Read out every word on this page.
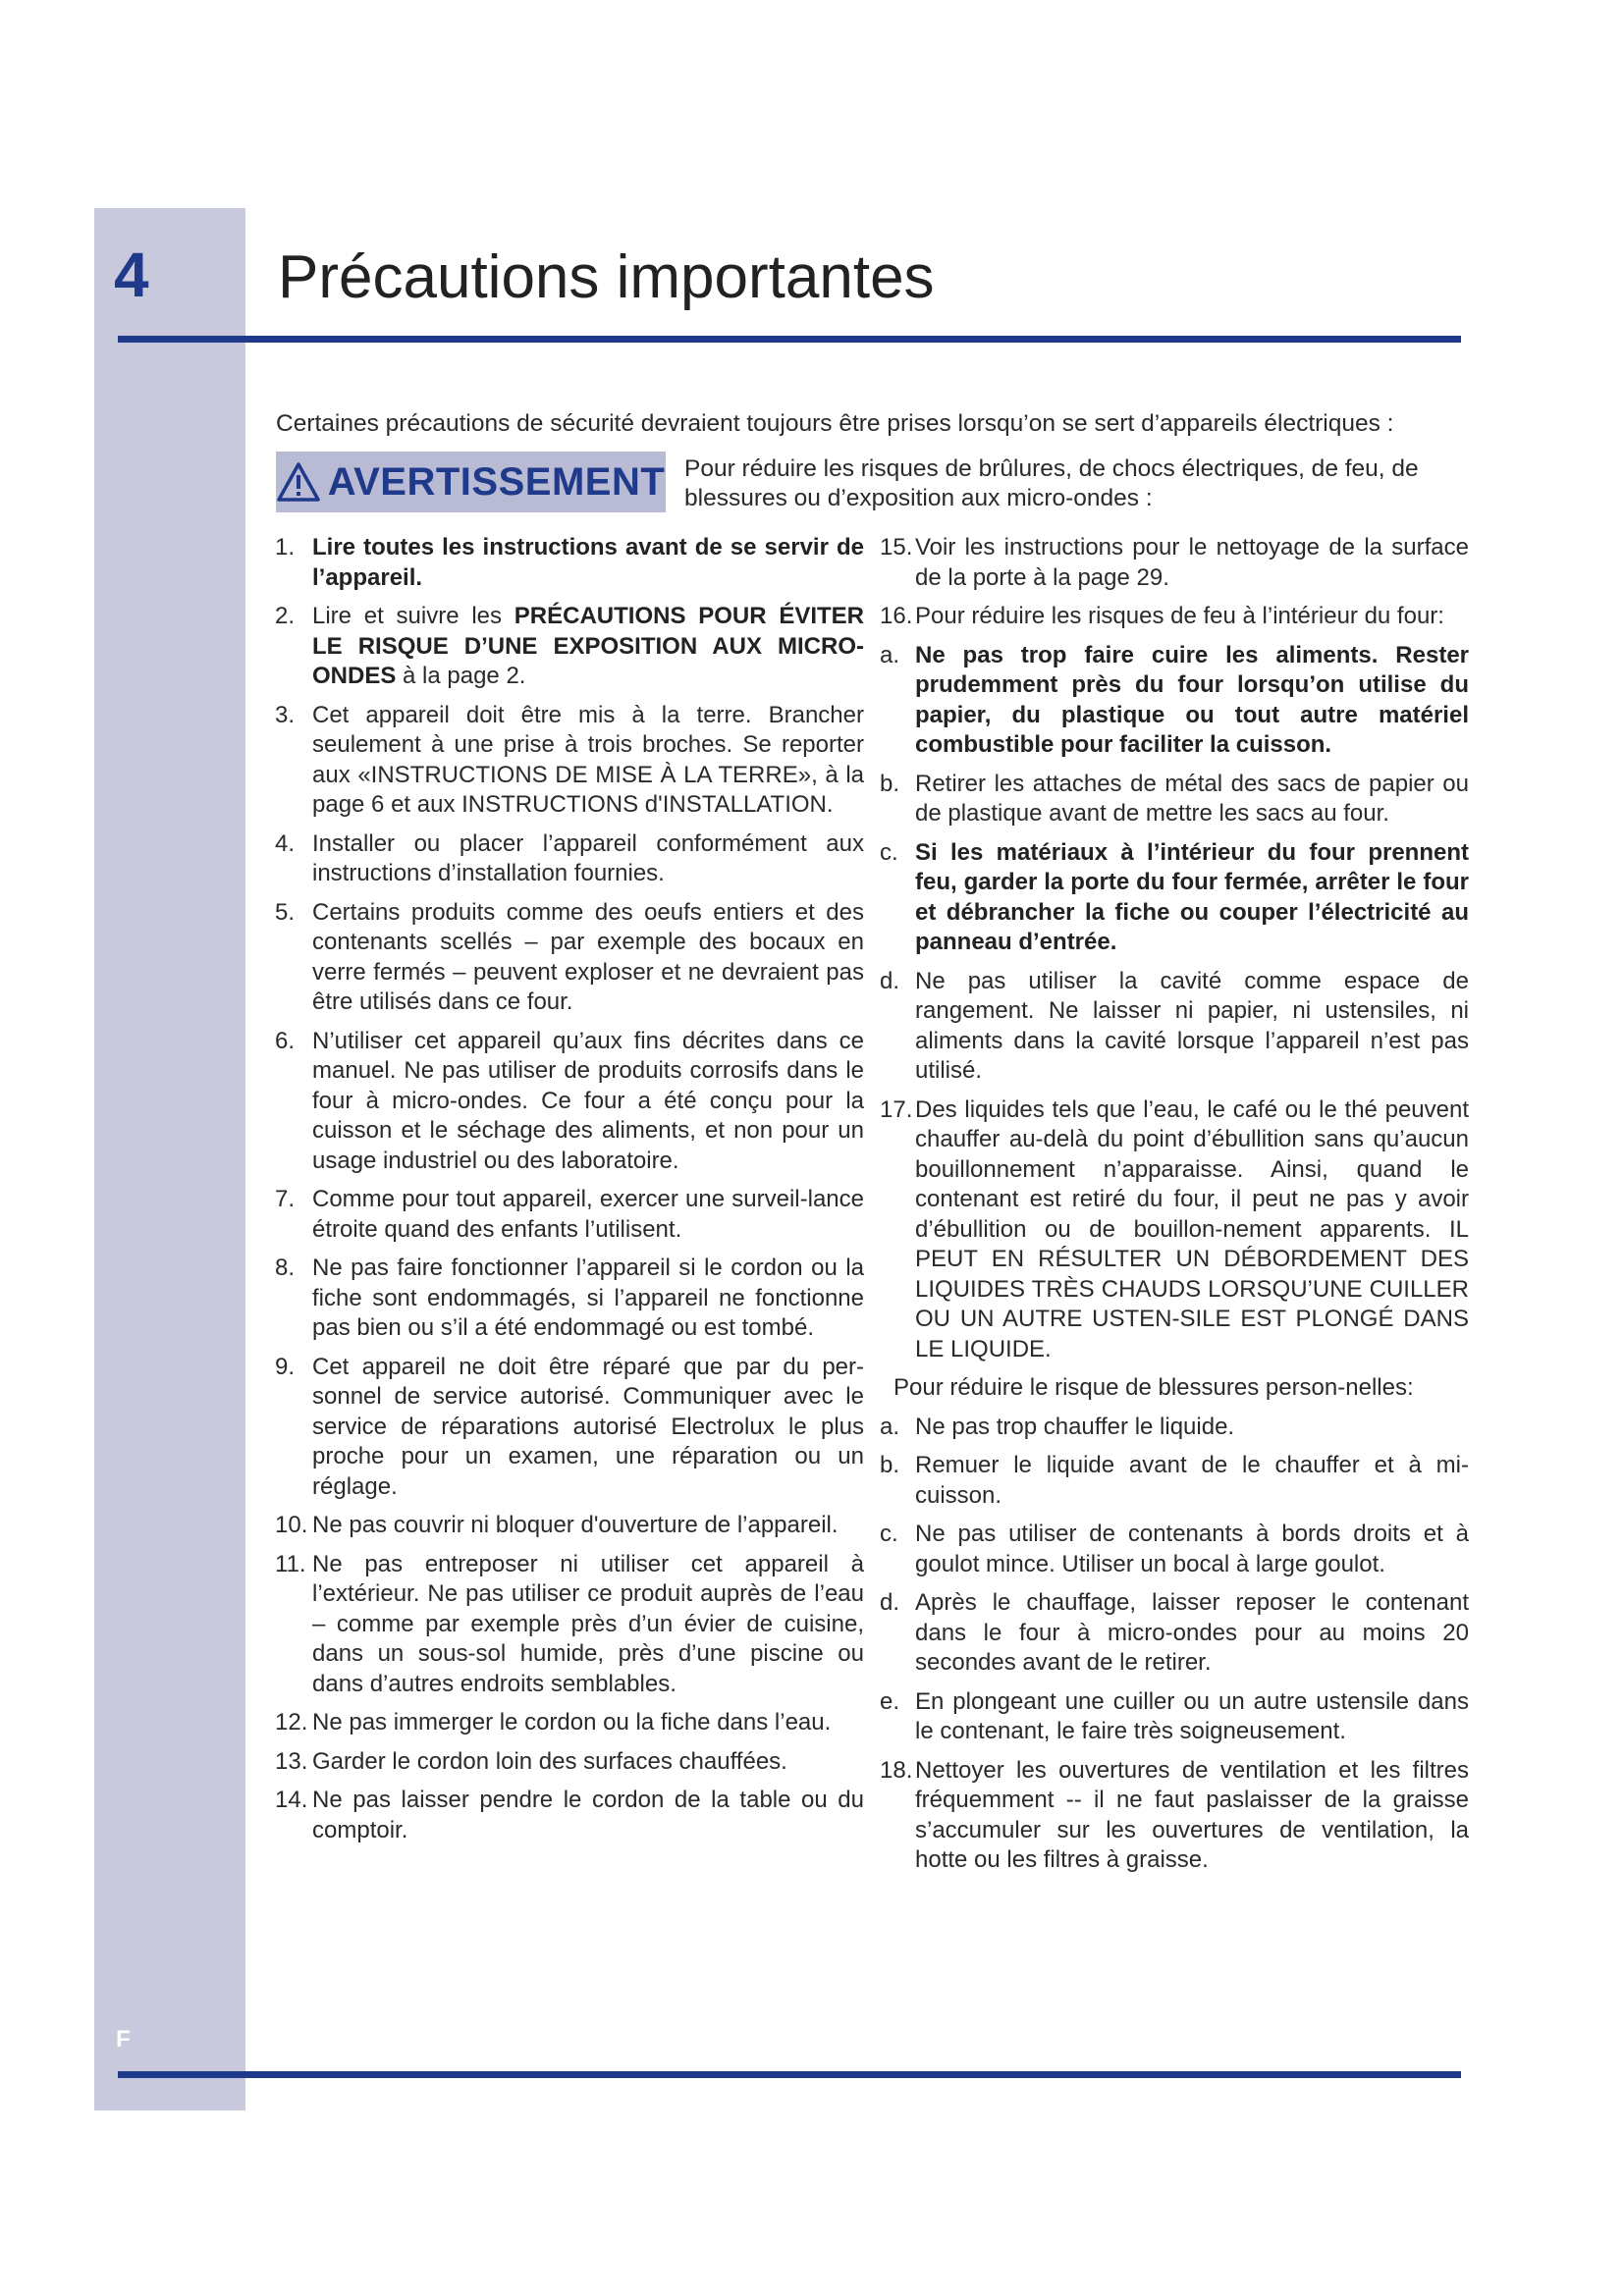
4
F
Précautions importantes
Certaines précautions de sécurité devraient toujours être prises lorsqu’on se sert d’appareils électriques :
AVERTISSEMENT Pour réduire les risques de brûlures, de chocs électriques, de feu, de blessures ou d’exposition aux micro-ondes :
1. Lire toutes les instructions avant de se servir de l’appareil.
2. Lire et suivre les PRÉCAUTIONS POUR ÉVITER LE RISQUE D’UNE EXPOSITION AUX MICRO-ONDES à la page 2.
3. Cet appareil doit être mis à la terre. Brancher seulement à une prise à trois broches. Se reporter aux «INSTRUCTIONS DE MISE À LA TERRE», à la page 6 et aux INSTRUCTIONS d'INSTALLATION.
4. Installer ou placer l’appareil conformément aux instructions d’installation fournies.
5. Certains produits comme des oeufs entiers et des contenants scellés – par exemple des bocaux en verre fermés – peuvent exploser et ne devraient pas être utilisés dans ce four.
6. N’utiliser cet appareil qu’aux fins décrites dans ce manuel. Ne pas utiliser de produits corrosifs dans le four à micro-ondes. Ce four a été conçu pour la cuisson et le séchage des aliments, et non pour un usage industriel ou des laboratoire.
7. Comme pour tout appareil, exercer une surveil-lance étroite quand des enfants l’utilisent.
8. Ne pas faire fonctionner l’appareil si le cordon ou la fiche sont endommagés, si l’appareil ne fonctionne pas bien ou s’il a été endommagé ou est tombé.
9. Cet appareil ne doit être réparé que par du per-sonnel de service autorisé. Communiquer avec le service de réparations autorisé Electrolux le plus proche pour un examen, une réparation ou un réglage.
10. Ne pas couvrir ni bloquer d'ouverture de l’appareil.
11. Ne pas entreposer ni utiliser cet appareil à l’extérieur. Ne pas utiliser ce produit auprès de l’eau – comme par exemple près d’un évier de cuisine, dans un sous-sol humide, près d’une piscine ou dans d’autres endroits semblables.
12. Ne pas immerger le cordon ou la fiche dans l’eau.
13. Garder le cordon loin des surfaces chauffées.
14. Ne pas laisser pendre le cordon de la table ou du comptoir.
15. Voir les instructions pour le nettoyage de la surface de la porte à la page 29.
16. Pour réduire les risques de feu à l’intérieur du four:
a. Ne pas trop faire cuire les aliments. Rester prudemment près du four lorsqu’on utilise du papier, du plastique ou tout autre matériel combustible pour faciliter la cuisson.
b. Retirer les attaches de métal des sacs de papier ou de plastique avant de mettre les sacs au four.
c. Si les matériaux à l’intérieur du four prennent feu, garder la porte du four fermée, arrêter le four et débrancher la fiche ou couper l’électricité au panneau d’entrée.
d. Ne pas utiliser la cavité comme espace de rangement. Ne laisser ni papier, ni ustensiles, ni aliments dans la cavité lorsque l’appareil n’est pas utilisé.
17. Des liquides tels que l’eau, le café ou le thé peuvent chauffer au-delà du point d’ébullition sans qu’aucun bouillonnement n’apparaisse. Ainsi, quand le contenant est retiré du four, il peut ne pas y avoir d’ébullition ou de bouillon-nement apparents. IL PEUT EN RÉSULTER UN DÉBORDEMENT DES LIQUIDES TRÈS CHAUDS LORSQU’UNE CUILLER OU UN AUTRE USTEN-SILE EST PLONGÉ DANS LE LIQUIDE.
Pour réduire le risque de blessures person-nelles:
a. Ne pas trop chauffer le liquide.
b. Remuer le liquide avant de le chauffer et à mi-cuisson.
c. Ne pas utiliser de contenants à bords droits et à goulot mince. Utiliser un bocal à large goulot.
d. Après le chauffage, laisser reposer le contenant dans le four à micro-ondes pour au moins 20 secondes avant de le retirer.
e. En plongeant une cuiller ou un autre ustensile dans le contenant, le faire très soigneusement.
18. Nettoyer les ouvertures de ventilation et les filtres fréquemment -- il ne faut paslaisser de la graisse s’accumuler sur les ouvertures de ventilation, la hotte ou les filtres à graisse.
